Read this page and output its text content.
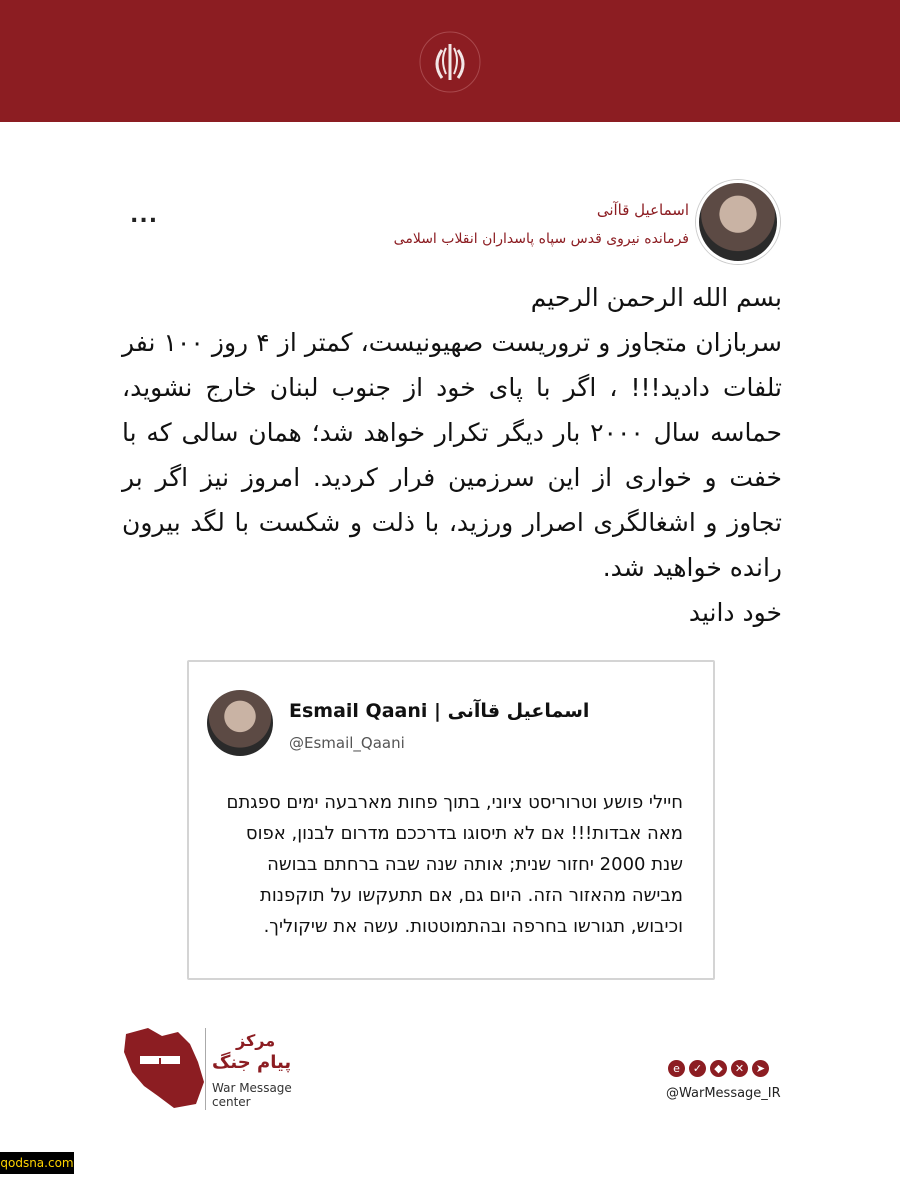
اسماعیل قاآنی
فرمانده نیروی قدس سپاه پاسداران انقلاب اسلامی
...

بسم الله الرحمن الرحیم

سربازان متجاوز و تروریست صهیونیست، کمتر از ۴ روز ۱۰۰ نفر تلفات دادید!!! ، اگر با پای خود از جنوب لبنان خارج نشوید، حماسه سال ۲۰۰۰ بار دیگر تکرار خواهد شد؛ همان سالی که با خفت و خواری از این سرزمین فرار کردید. امروز نیز اگر بر تجاوز و اشغالگری اصرار ورزید، با ذلت و شکست با لگد بیرون رانده خواهید شد.

خود دانید

Esmail Qaani | اسماعیل قاآنی
@Esmail_Qaani

חיילי פושע וטרוריסט ציוני, בתוך פחות מארבעה ימים ספגתם מאה אבדות!!! אם לא תיסוגו בדרככם מדרום לבנון, אפוס שנת 2000 יחזור שנית; אותה שנה שבה ברחתם בבושה מבישה מהאזור הזה. היום גם, אם תתעקשו על תוקפנות וכיבוש, תגורשו בחרפה ובהתמוטטות. עשה את שיקוליך.

مرکز
پیام جنگ
War Message
center
e	✓	◆	✕	➤
@WarMessage_IR
qodsna.com
